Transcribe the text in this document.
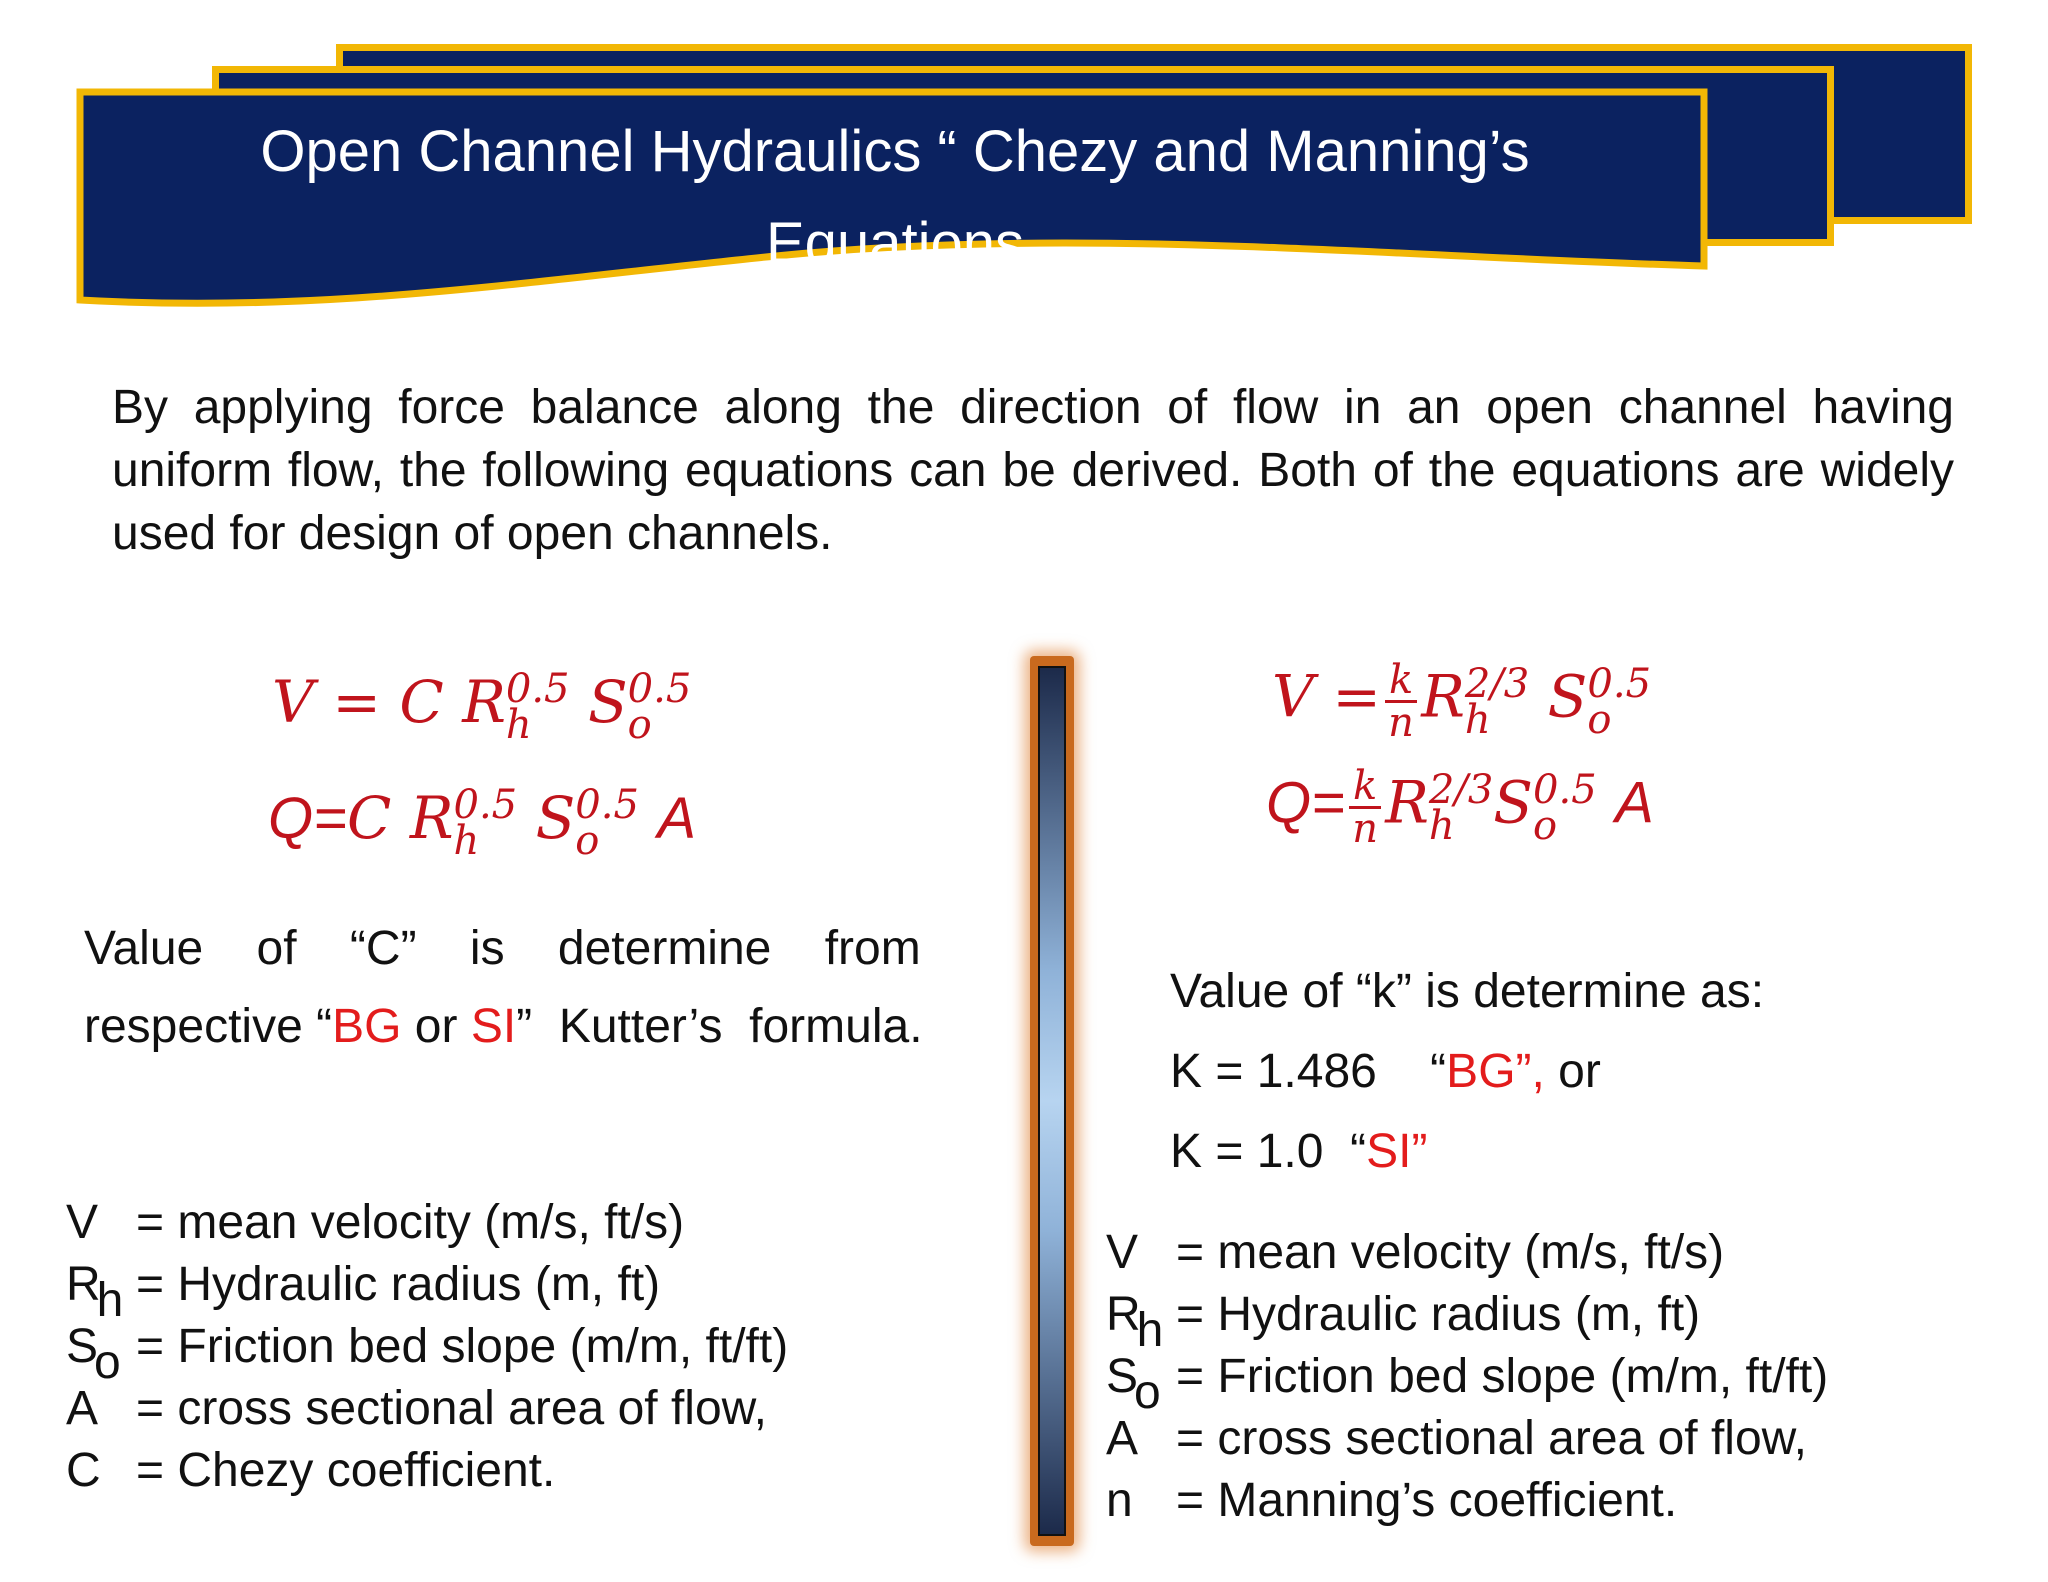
Open Channel Hydraulics “ Chezy and Manning’s
Equations
By applying force balance along the direction of flow in an open channel having uniform flow, the following equations can be derived. Both of the equations are widely used for design of open channels.
V = C R 0.5
h S 0.5
o
Q=C R 0.5
h S 0.5
o A
Value    of    “C”    is    determine    from
respective “BG or SI”  Kutter’s  formula.
V = mean velocity (m/s, ft/s)
Rh = Hydraulic radius (m, ft)
So = Friction bed slope (m/m, ft/ft)
A = cross sectional area of flow,
C = Chezy coefficient.
$V = \frac{k}{n}$ R 2/3
h S 0.5
o
$Q= \frac{k}{n}$ R 2/3
h S 0.5
o A
Value of “k” is determine as:
K = 1.486    “BG”, or
K = 1.0  “SI”
V = mean velocity (m/s, ft/s)
Rh = Hydraulic radius (m, ft)
So = Friction bed slope (m/m, ft/ft)
A = cross sectional area of flow,
n = Manning’s coefficient.
